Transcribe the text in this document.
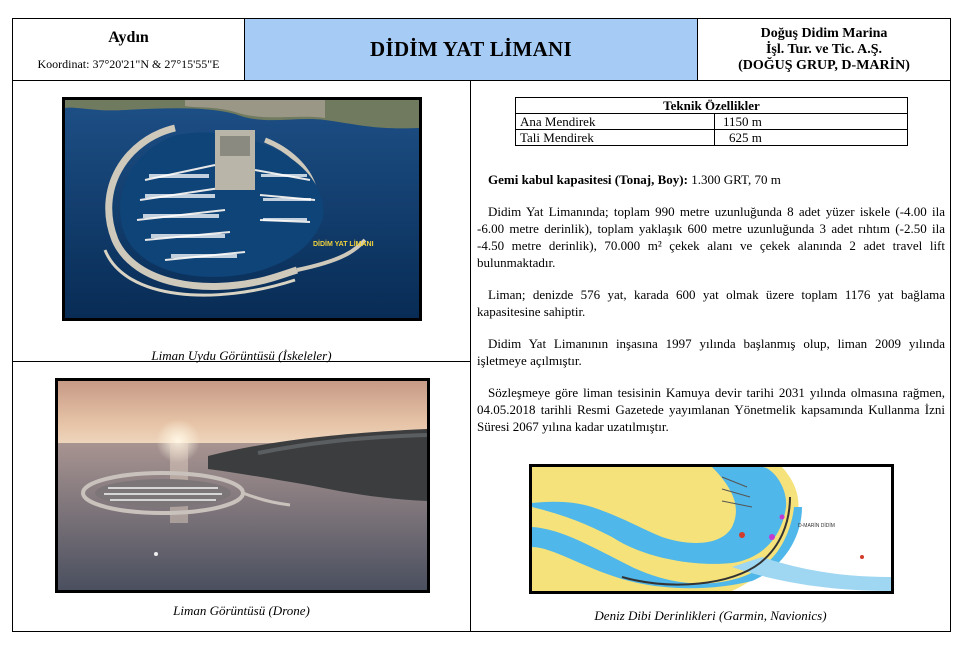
Aydın
Koordinat: 37°20'21"N & 27°15'55"E
DİDİM YAT LİMANI
Doğuş Didim Marina
İşl. Tur. ve Tic. A.Ş.
(DOĞUŞ GRUP, D-MARİN)
DİDİM YAT LİMANI
Liman Uydu Görüntüsü (İskeleler)
Liman Görüntüsü (Drone)
Teknik Özellikler	
Ana Mendirek	1150 m
Tali Mendirek	625 m

Gemi kabul kapasitesi (Tonaj, Boy): 1.300 GRT, 70 m

Didim Yat Limanında; toplam 990 metre uzunluğunda 8 adet yüzer iskele (-4.00 ila -6.00 metre derinlik), toplam yaklaşık 600 metre uzunluğunda 3 adet rıhtım (-2.50 ila -4.50 metre derinlik), 70.000 m² çekek alanı ve çekek alanında 2 adet travel lift bulunmaktadır.

Liman; denizde 576 yat, karada 600 yat olmak üzere toplam 1176 yat bağlama kapasitesine sahiptir.

Didim Yat Limanının inşasına 1997 yılında başlanmış olup, liman 2009 yılında işletmeye açılmıştır.

Sözleşmeye göre liman tesisinin Kamuya devir tarihi 2031 yılında olmasına rağmen, 04.05.2018 tarihli Resmi Gazetede yayımlanan Yönetmelik kapsamında Kullanma İzni Süresi 2067 yılına kadar uzatılmıştır.

D-MARİN DİDİM
Deniz Dibi Derinlikleri (Garmin, Navionics)
